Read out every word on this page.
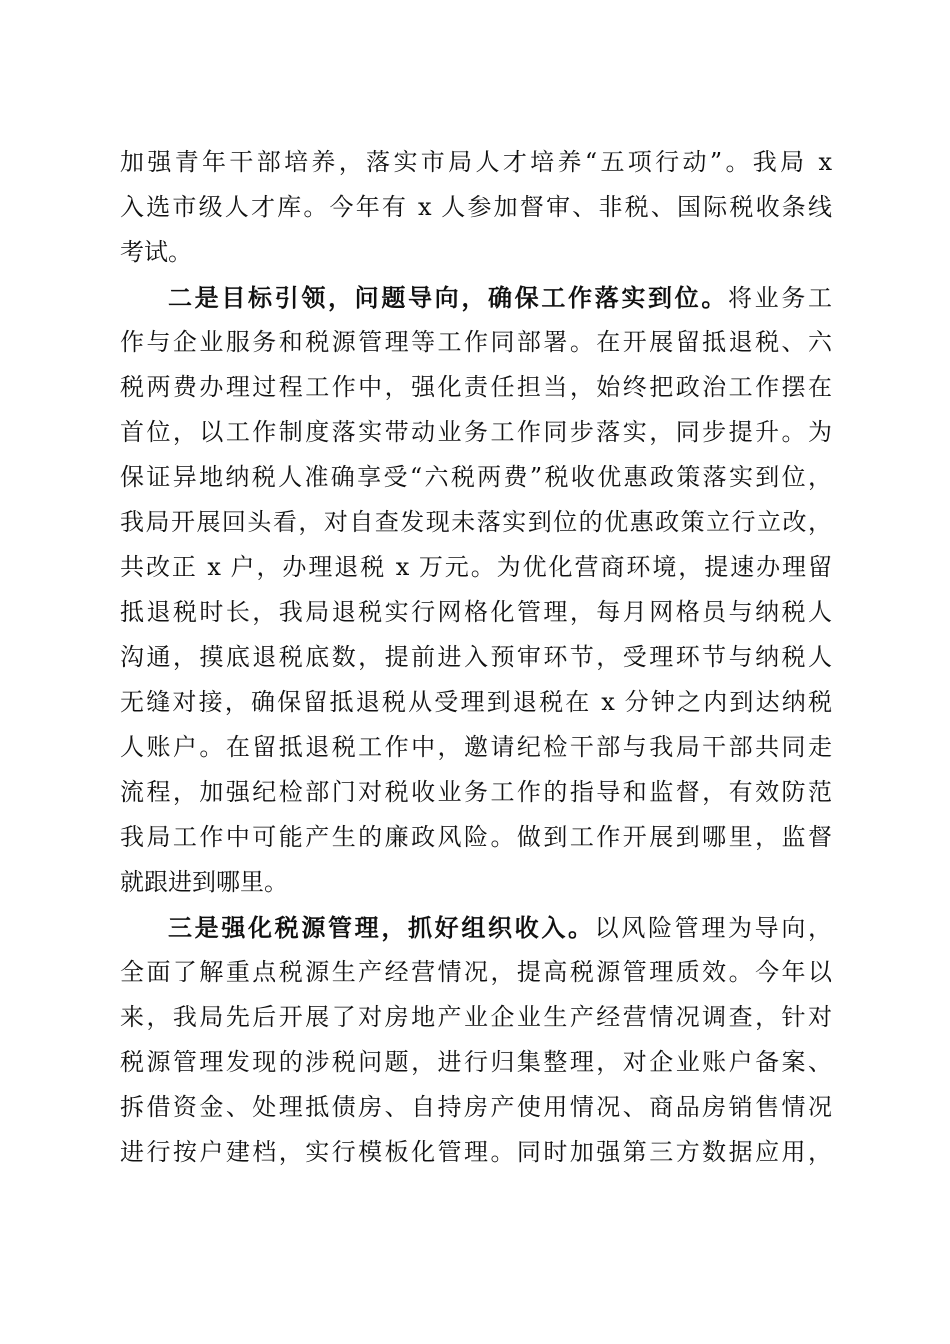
加强青年干部培养，落实市局人才培养“五项行动”。我局 x
入选市级人才库。今年有 x 人参加督审、非税、国际税收条线
考试。
二是目标引领，问题导向，确保工作落实到位。将业务工
作与企业服务和税源管理等工作同部署。在开展留抵退税、六
税两费办理过程工作中，强化责任担当，始终把政治工作摆在
首位，以工作制度落实带动业务工作同步落实，同步提升。为
保证异地纳税人准确享受“六税两费”税收优惠政策落实到位，
我局开展回头看，对自查发现未落实到位的优惠政策立行立改，
共改正 x 户，办理退税 x 万元。为优化营商环境，提速办理留
抵退税时长，我局退税实行网格化管理，每月网格员与纳税人
沟通，摸底退税底数，提前进入预审环节，受理环节与纳税人
无缝对接，确保留抵退税从受理到退税在 x 分钟之内到达纳税
人账户。在留抵退税工作中，邀请纪检干部与我局干部共同走
流程，加强纪检部门对税收业务工作的指导和监督，有效防范
我局工作中可能产生的廉政风险。做到工作开展到哪里，监督
就跟进到哪里。
三是强化税源管理，抓好组织收入。以风险管理为导向，
全面了解重点税源生产经营情况，提高税源管理质效。今年以
来，我局先后开展了对房地产业企业生产经营情况调查，针对
税源管理发现的涉税问题，进行归集整理，对企业账户备案、
拆借资金、处理抵债房、自持房产使用情况、商品房销售情况
进行按户建档，实行模板化管理。同时加强第三方数据应用，
